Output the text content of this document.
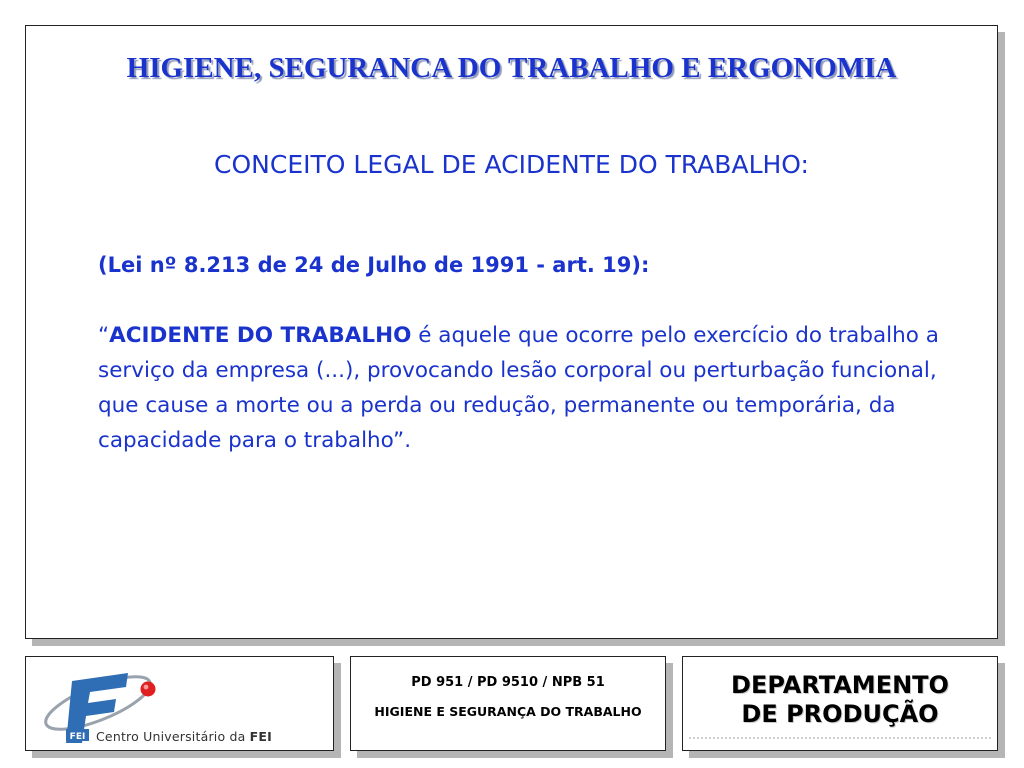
HIGIENE, SEGURANCA DO TRABALHO E ERGONOMIA
CONCEITO LEGAL DE ACIDENTE DO TRABALHO:
(Lei nº 8.213 de 24 de Julho de 1991 - art. 19):
“ACIDENTE DO TRABALHO é aquele que ocorre pelo exercício do trabalho a serviço da empresa (...), provocando lesão corporal ou perturbação funcional, que cause a morte ou a perda ou redução, permanente ou temporária, da capacidade para o trabalho”.
FEI Centro Universitário da FEI
PD 951 / PD 9510 / NPB 51
HIGIENE E SEGURANÇA DO TRABALHO
DEPARTAMENTO
DE PRODUÇÃO
